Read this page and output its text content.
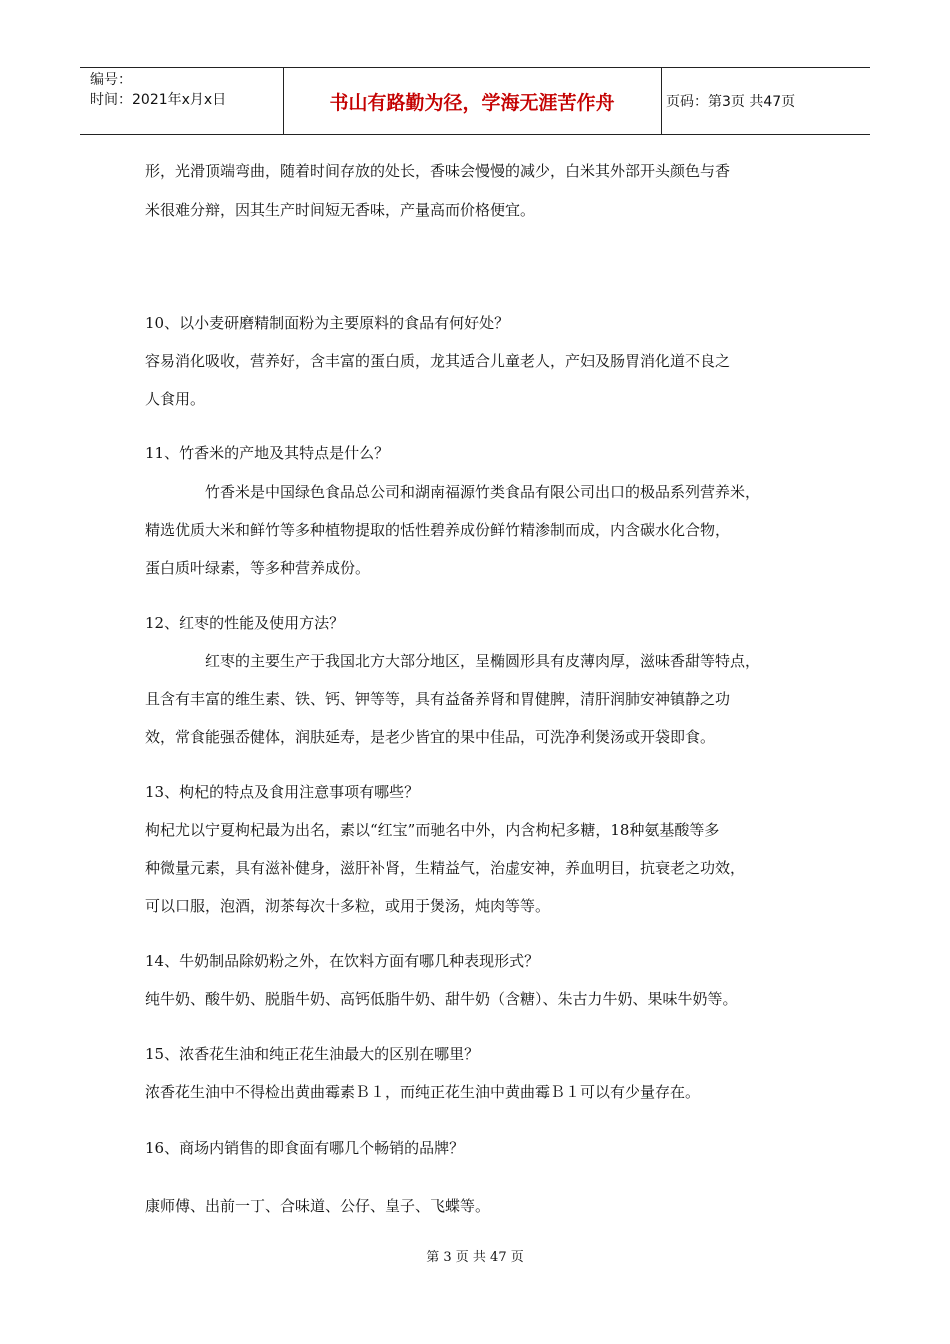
编号：
时间：2021年x月x日	书山有路勤为径，学海无涯苦作舟	页码：第3页 共47页
形，光滑顶端弯曲，随着时间存放的处长，香味会慢慢的减少，白米其外部开头颜色与香
米很难分辩，因其生产时间短无香味，产量高而价格便宜。
10、以小麦研磨精制面粉为主要原料的食品有何好处？
容易消化吸收，营养好，含丰富的蛋白质，龙其适合儿童老人，产妇及肠胃消化道不良之
人食用。
11、竹香米的产地及其特点是什么？
竹香米是中国绿色食品总公司和湖南福源竹类食品有限公司出口的极品系列营养米，
精选优质大米和鲜竹等多种植物提取的恬性碧养成份鲜竹精渗制而成，内含碳水化合物，
蛋白质叶绿素，等多种营养成份。
12、红枣的性能及使用方法？
红枣的主要生产于我国北方大部分地区，呈椭圆形具有皮薄肉厚，滋味香甜等特点，
且含有丰富的维生素、铁、钙、钾等等，具有益备养肾和胃健脾，清肝润肺安神镇静之功
效，常食能强岙健体，润肤延寿，是老少皆宜的果中佳品，可洗净利煲汤或开袋即食。
13、枸杞的特点及食用注意事项有哪些？
枸杞尤以宁夏枸杞最为出名，素以“红宝”而驰名中外，内含枸杞多糖，18种氨基酸等多
种微量元素，具有滋补健身，滋肝补肾，生精益气，治虚安神，养血明目，抗衰老之功效，
可以口服，泡酒，沏茶每次十多粒，或用于煲汤，炖肉等等。
14、牛奶制品除奶粉之外，在饮料方面有哪几种表现形式？
纯牛奶、酸牛奶、脱脂牛奶、高钙低脂牛奶、甜牛奶（含糖）、朱古力牛奶、果味牛奶等。
15、浓香花生油和纯正花生油最大的区别在哪里？
浓香花生油中不得检出黄曲霉素Ｂ１，而纯正花生油中黄曲霉Ｂ１可以有少量存在。
16、商场内销售的即食面有哪几个畅销的品牌？
康师傅、出前一丁、合味道、公仔、皇子、飞蝶等。
第 3 页 共 47 页
